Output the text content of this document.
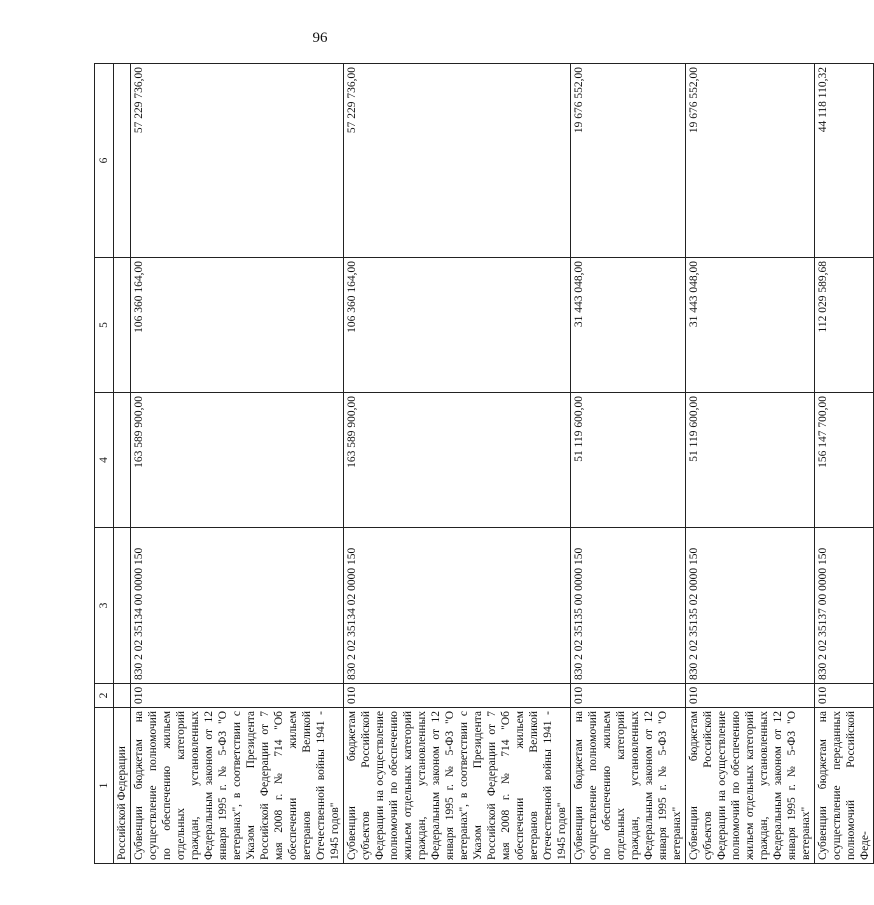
96
1	2	3	4	5	6
Российской Федерации					
Субвенции бюджетам на осуществление полномочий по обеспечению жильем отдельных категорий граждан, установленных Федеральным законом от 12 января 1995 г. № 5-ФЗ "О ветеранах", в соответствии с Указом Президента Российской Федерации от 7 мая 2008 г. № 714 "Об обеспечении жильем ветеранов Великой Отечественной войны 1941 - 1945 годов"	010	830 2 02 35134 00 0000 150	163 589 900,00	106 360 164,00	57 229 736,00
Субвенции бюджетам субъектов Российской Федерации на осуществление полномочий по обеспечению жильем отдельных категорий граждан, установленных Федеральным законом от 12 января 1995 г. № 5-ФЗ "О ветеранах", в соответствии с Указом Президента Российской Федерации от 7 мая 2008 г. № 714 "Об обеспечении жильем ветеранов Великой Отечественной войны 1941 - 1945 годов"	010	830 2 02 35134 02 0000 150	163 589 900,00	106 360 164,00	57 229 736,00
Субвенции бюджетам на осуществление полномочий по обеспечению жильем отдельных категорий граждан, установленных Федеральным законом от 12 января 1995 г. № 5-ФЗ "О ветеранах"	010	830 2 02 35135 00 0000 150	51 119 600,00	31 443 048,00	19 676 552,00
Субвенции бюджетам субъектов Российской Федерации на осуществление полномочий по обеспечению жильем отдельных категорий граждан, установленных Федеральным законом от 12 января 1995 г. № 5-ФЗ "О ветеранах"	010	830 2 02 35135 02 0000 150	51 119 600,00	31 443 048,00	19 676 552,00
Субвенции бюджетам на осуществление переданных полномочий Российской Феде-	010	830 2 02 35137 00 0000 150	156 147 700,00	112 029 589,68	44 118 110,32
